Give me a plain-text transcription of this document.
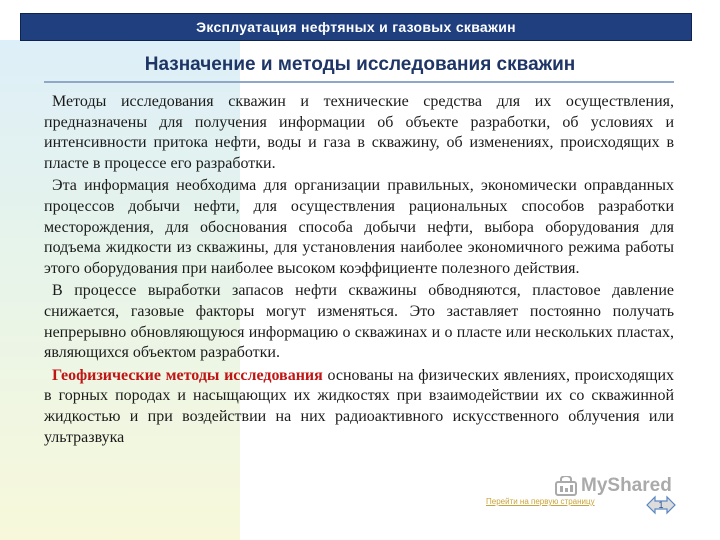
Эксплуатация нефтяных и газовых скважин
Назначение и методы исследования скважин

Методы исследования скважин и технические средства для их осуществления, предназначены для получения информации об объекте разработки, об условиях и интенсивности притока нефти, воды и газа в скважину, об изменениях, происходящих в пласте в процессе его разработки.

Эта информация необходима для организации правильных, экономически оправданных процессов добычи нефти, для осуществления рациональных способов разработки месторождения, для обоснования способа добычи нефти, выбора оборудования для подъема жидкости из скважины, для установления наиболее экономичного режима работы этого оборудования при наиболее высоком коэффициенте полезного действия.

В процессе выработки запасов нефти скважины обводняются, пластовое давление снижается, газовые факторы могут изменяться. Это заставляет постоянно получать непрерывно обновляющуюся информацию о скважинах и о пласте или нескольких пластах, являющихся объектом разработки.

Геофизические методы исследования основаны на физических явлениях, происходящих в горных породах и насыщающих их жидкостях при взаимодействии их со скважинной жидкостью и при воздействии на них радиоактивного искусственного облучения или ультразвука

MyShared
Перейти на первую страницу	1
